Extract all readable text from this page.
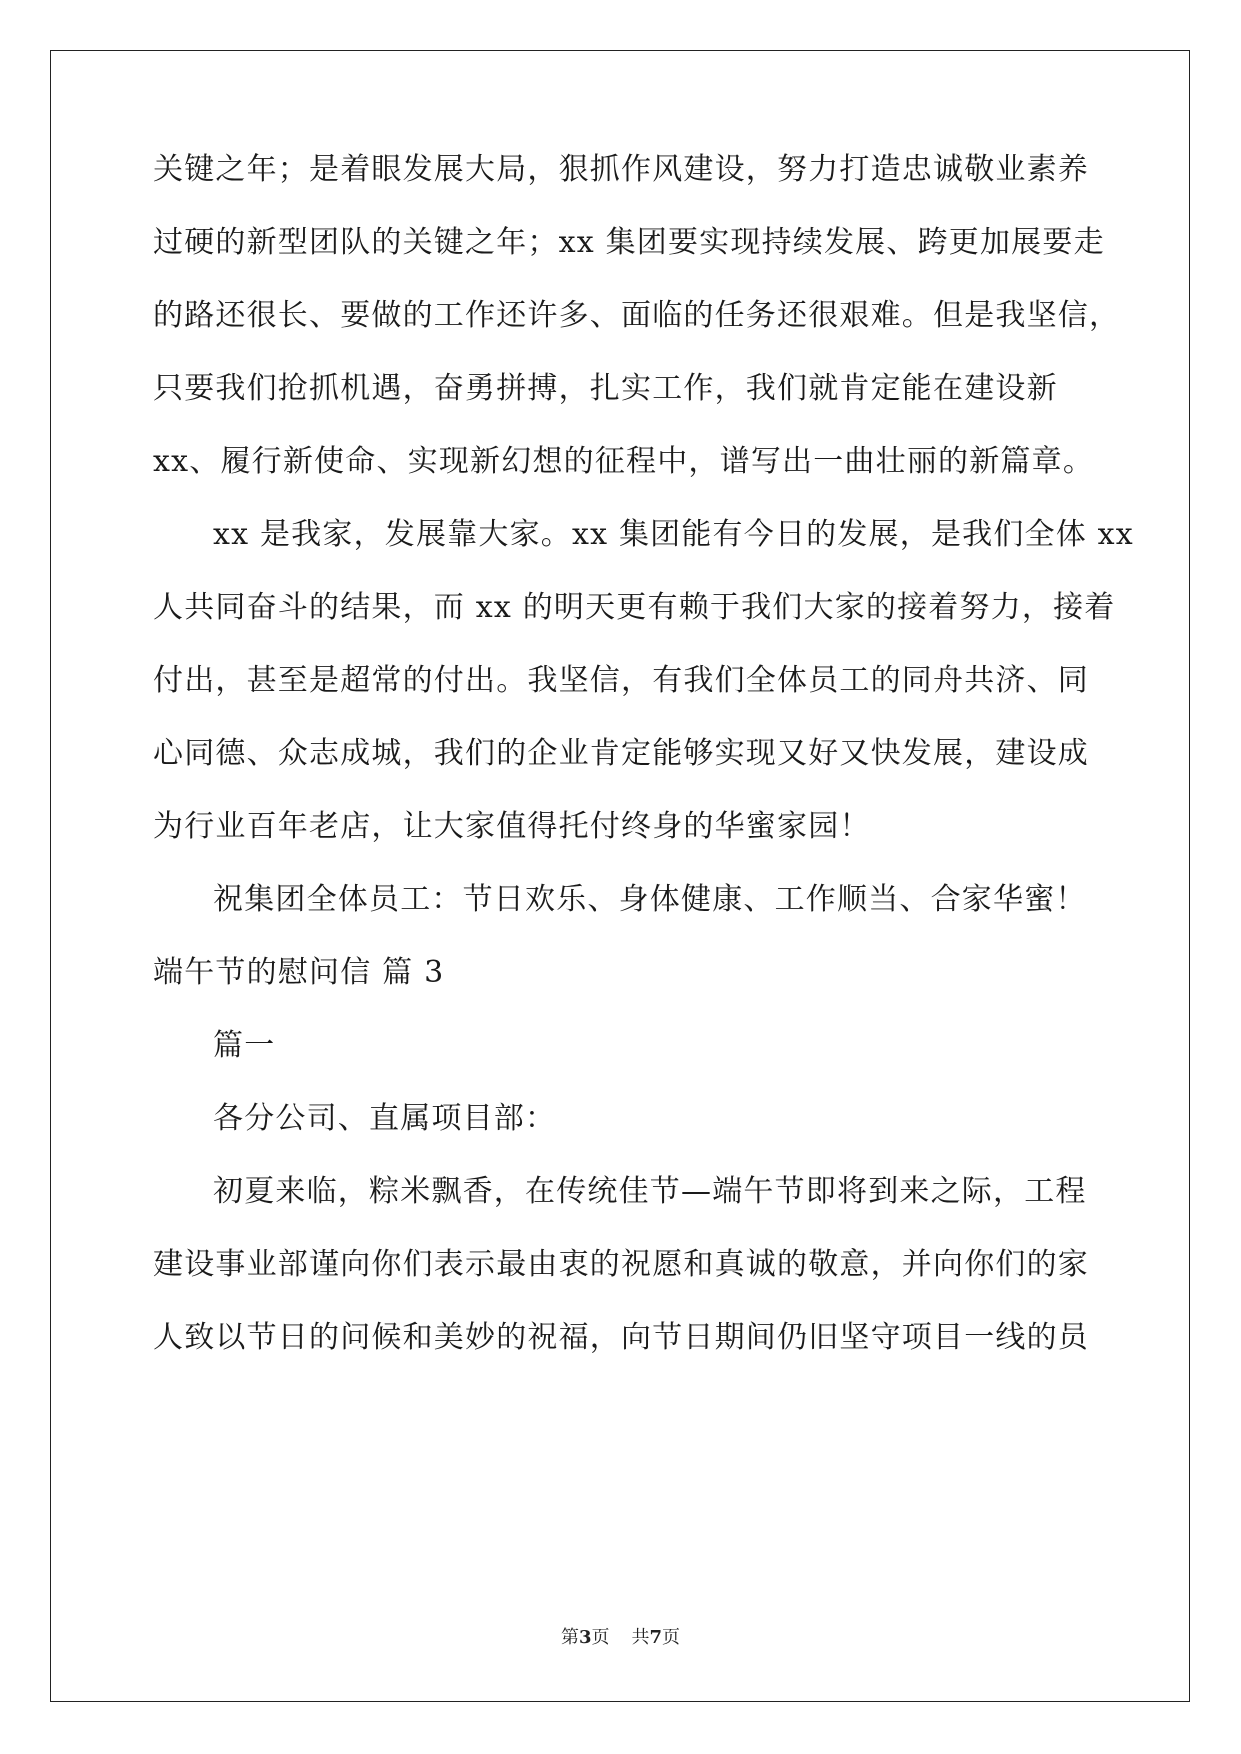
关键之年；是着眼发展大局，狠抓作风建设，努力打造忠诚敬业素养
过硬的新型团队的关键之年；xx 集团要实现持续发展、跨更加展要走
的路还很长、要做的工作还许多、面临的任务还很艰难。但是我坚信，
只要我们抢抓机遇，奋勇拼搏，扎实工作，我们就肯定能在建设新
xx、履行新使命、实现新幻想的征程中，谱写出一曲壮丽的新篇章。
xx 是我家，发展靠大家。xx 集团能有今日的发展，是我们全体 xx
人共同奋斗的结果，而 xx 的明天更有赖于我们大家的接着努力，接着
付出，甚至是超常的付出。我坚信，有我们全体员工的同舟共济、同
心同德、众志成城，我们的企业肯定能够实现又好又快发展，建设成
为行业百年老店，让大家值得托付终身的华蜜家园！
祝集团全体员工：节日欢乐、身体健康、工作顺当、合家华蜜！
端午节的慰问信 篇 3
篇一
各分公司、直属项目部：
初夏来临，粽米飘香，在传统佳节—端午节即将到来之际，工程
建设事业部谨向你们表示最由衷的祝愿和真诚的敬意，并向你们的家
人致以节日的问候和美妙的祝福，向节日期间仍旧坚守项目一线的员
第3页 共7页
